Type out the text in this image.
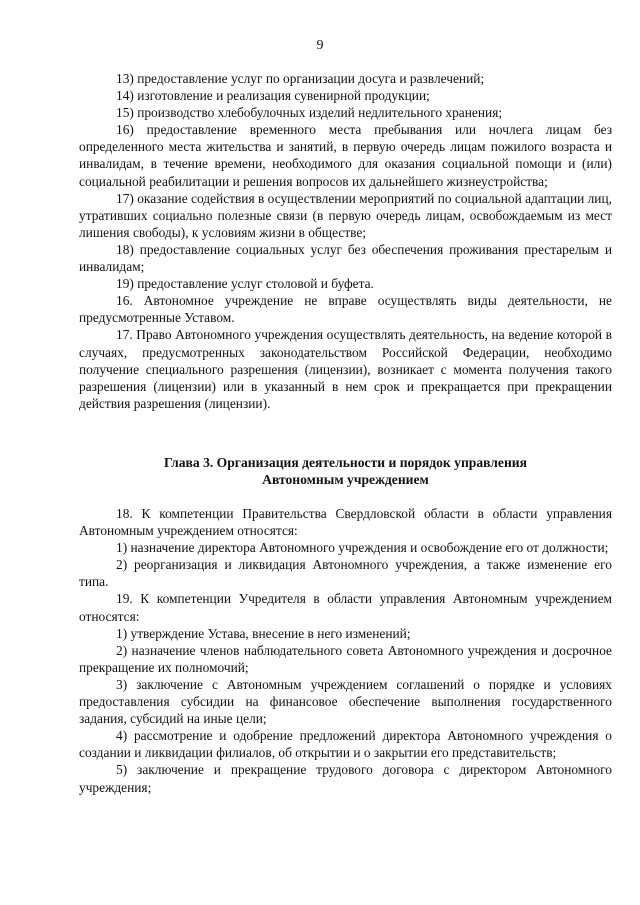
9

13) предоставление услуг по организации досуга и развлечений;

14) изготовление и реализация сувенирной продукции;

15) производство хлебобулочных изделий недлительного хранения;

16) предоставление временного места пребывания или ночлега лицам без определенного места жительства и занятий, в первую очередь лицам пожилого возраста и инвалидам, в течение времени, необходимого для оказания социальной помощи и (или) социальной реабилитации и решения вопросов их дальнейшего жизнеустройства;

17) оказание содействия в осуществлении мероприятий по социальной адаптации лиц, утративших социально полезные связи (в первую очередь лицам, освобождаемым из мест лишения свободы), к условиям жизни в обществе;

18) предоставление социальных услуг без обеспечения проживания престарелым и инвалидам;

19) предоставление услуг столовой и буфета.

16. Автономное учреждение не вправе осуществлять виды деятельности, не предусмотренные Уставом.

17. Право Автономного учреждения осуществлять деятельность, на ведение которой в случаях, предусмотренных законодательством Российской Федерации, необходимо получение специального разрешения (лицензии), возникает с момента получения такого разрешения (лицензии) или в указанный в нем срок и прекращается при прекращении действия разрешения (лицензии).

Глава 3. Организация деятельности и порядок управления
Автономным учреждением

18. К компетенции Правительства Свердловской области в области управления Автономным учреждением относятся:

1) назначение директора Автономного учреждения и освобождение его от должности;

2) реорганизация и ликвидация Автономного учреждения, а также изменение его типа.

19. К компетенции Учредителя в области управления Автономным учреждением относятся:

1) утверждение Устава, внесение в него изменений;

2) назначение членов наблюдательного совета Автономного учреждения и досрочное прекращение их полномочий;

3) заключение с Автономным учреждением соглашений о порядке и условиях предоставления субсидии на финансовое обеспечение выполнения государственного задания, субсидий на иные цели;

4) рассмотрение и одобрение предложений директора Автономного учреждения о создании и ликвидации филиалов, об открытии и о закрытии его представительств;

5) заключение и прекращение трудового договора с директором Автономного учреждения;
